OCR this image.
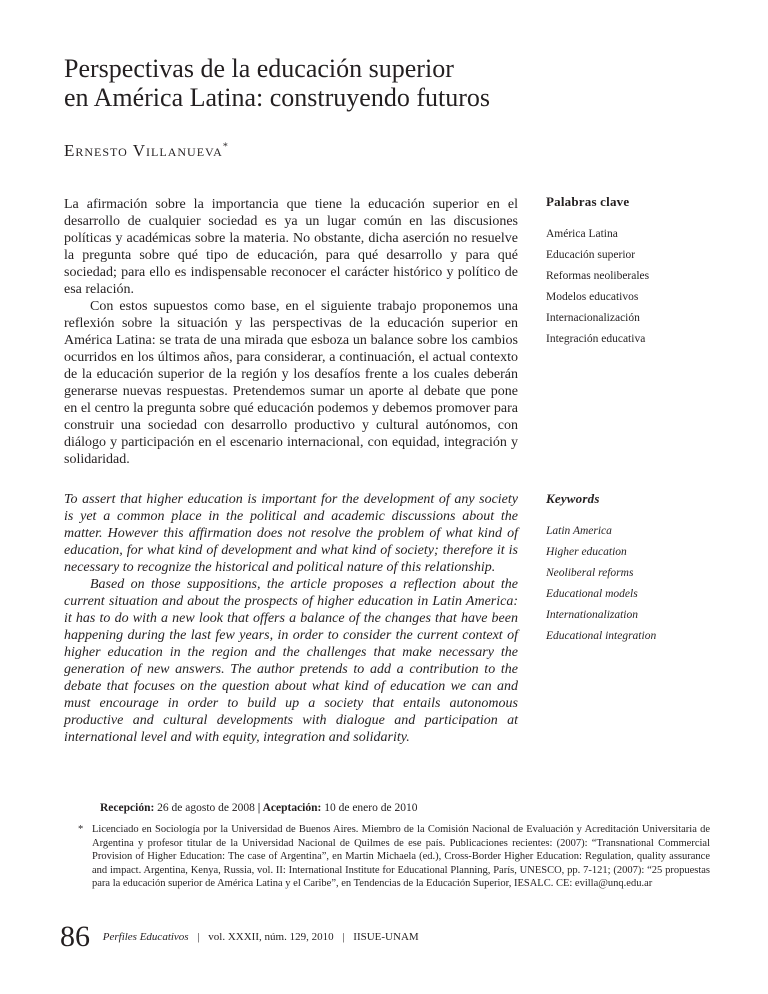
Perspectivas de la educación superior
en América Latina: construyendo futuros
Ernesto Villanueva*

La afirmación sobre la importancia que tiene la educación superior en el desarrollo de cualquier sociedad es ya un lugar común en las discusiones políticas y académicas sobre la materia. No obstante, dicha aserción no resuelve la pregunta sobre qué tipo de educación, para qué desarrollo y para qué sociedad; para ello es indispensable reconocer el carácter histórico y político de esa relación.

Con estos supuestos como base, en el siguiente trabajo proponemos una reflexión sobre la situación y las perspectivas de la educación superior en América Latina: se trata de una mirada que esboza un balance sobre los cambios ocurridos en los últimos años, para considerar, a continuación, el actual contexto de la educación superior de la región y los desafíos frente a los cuales deberán generarse nuevas respuestas. Pretendemos sumar un aporte al debate que pone en el centro la pregunta sobre qué educación podemos y debemos promover para construir una sociedad con desarrollo productivo y cultural autónomos, con diálogo y participación en el escenario internacional, con equidad, integración y solidaridad.

Palabras clave
América Latina
Educación superior
Reformas neoliberales
Modelos educativos
Internacionalización
Integración educativa

To assert that higher education is important for the development of any society is yet a common place in the political and academic discussions about the matter. However this affirmation does not resolve the problem of what kind of education, for what kind of development and what kind of society; therefore it is necessary to recognize the historical and political nature of this relationship.

Based on those suppositions, the article proposes a reflection about the current situation and about the prospects of higher education in Latin America: it has to do with a new look that offers a balance of the changes that have been happening during the last few years, in order to consider the current context of higher education in the region and the challenges that make necessary the generation of new answers. The author pretends to add a contribution to the debate that focuses on the question about what kind of education we can and must encourage in order to build up a society that entails autonomous productive and cultural developments with dialogue and participation at international level and with equity, integration and solidarity.

Keywords
Latin America
Higher education
Neoliberal reforms
Educational models
Internationalization
Educational integration
Recepción: 26 de agosto de 2008 | Aceptación: 10 de enero de 2010
* Licenciado en Sociología por la Universidad de Buenos Aires. Miembro de la Comisión Nacional de Evaluación y Acreditación Universitaria de Argentina y profesor titular de la Universidad Nacional de Quilmes de ese país. Publicaciones recientes: (2007): “Transnational Commercial Provision of Higher Education: The case of Argentina”, en Martin Michaela (ed.), Cross-Border Higher Education: Regulation, quality assurance and impact. Argentina, Kenya, Russia, vol. II: International Institute for Educational Planning, París, UNESCO, pp. 7-121; (2007): “25 propuestas para la educación superior de América Latina y el Caribe”, en Tendencias de la Educación Superior, IESALC. CE: evilla@unq.edu.ar
86 Perfiles Educativos | vol. XXXII, núm. 129, 2010 | IISUE-UNAM
